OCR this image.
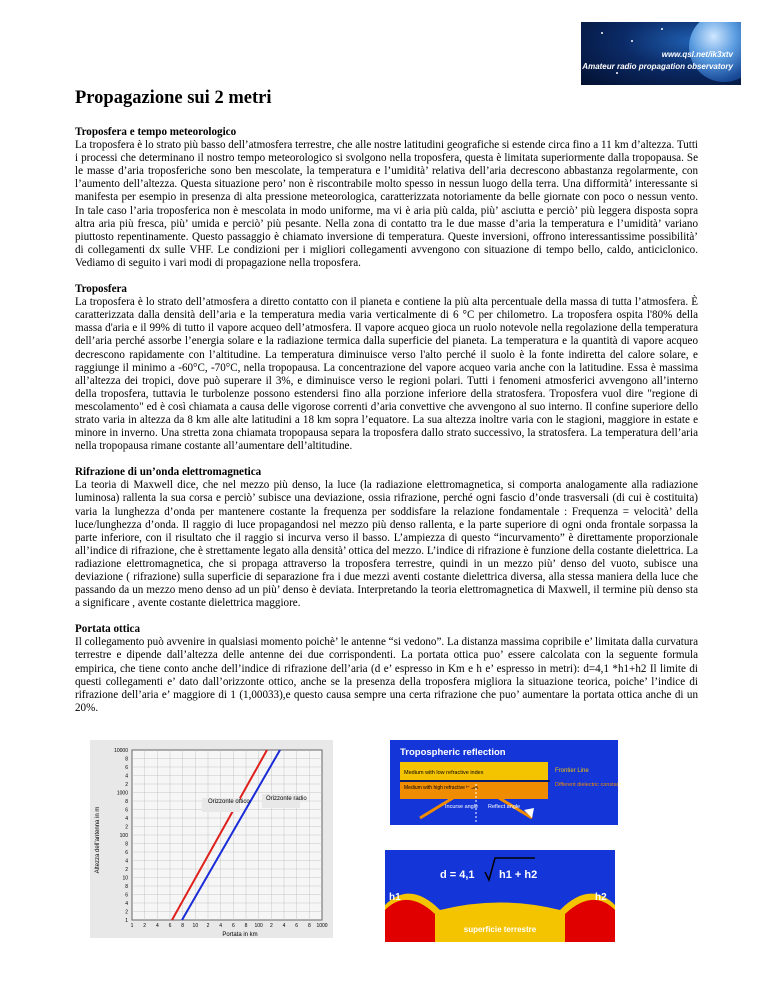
www.qsl.net/ik3xtv
Amateur radio propagation observatory
Propagazione sui 2 metri
Troposfera e tempo meteorologico

La troposfera è lo strato più basso dell’atmosfera terrestre, che alle nostre latitudini geografiche si estende circa fino a 11 km d’altezza. Tutti i processi che determinano il nostro tempo meteorologico si svolgono nella troposfera, questa è limitata superiormente dalla tropopausa. Se le masse d’aria troposferiche sono ben mescolate, la temperatura e l’umidità’ relativa dell’aria decrescono abbastanza regolarmente, con l’aumento dell’altezza. Questa situazione pero’ non è riscontrabile molto spesso in nessun luogo della terra. Una difformità’ interessante si manifesta per esempio in presenza di alta pressione meteorologica, caratterizzata notoriamente da belle giornate con poco o nessun vento. In tale caso l’aria troposferica non è mescolata in modo uniforme, ma vi è aria più calda, più’ asciutta e perciò’ più leggera disposta sopra altra aria più fresca, più’ umida e perciò’ più pesante. Nella zona di contatto tra le due masse d’aria la temperatura e l’umidità’ variano piuttosto repentinamente. Questo passaggio è chiamato inversione di temperatura. Queste inversioni, offrono interessantissime possibilità’ di collegamenti dx sulle VHF. Le condizioni per i migliori collegamenti avvengono con situazione di tempo bello, caldo, anticiclonico. Vediamo di seguito i vari modi di propagazione nella troposfera.

Troposfera

La troposfera è lo strato dell’atmosfera a diretto contatto con il pianeta e contiene la più alta percentuale della massa di tutta l’atmosfera. È caratterizzata dalla densità dell’aria e la temperatura media varia verticalmente di 6 °C per chilometro. La troposfera ospita l'80% della massa d'aria e il 99% di tutto il vapore acqueo dell’atmosfera. Il vapore acqueo gioca un ruolo notevole nella regolazione della temperatura dell’aria perché assorbe l’energia solare e la radiazione termica dalla superficie del pianeta. La temperatura e la quantità di vapore acqueo decrescono rapidamente con l’altitudine. La temperatura diminuisce verso l'alto perché il suolo è la fonte indiretta del calore solare, e raggiunge il minimo a -60°C, -70°C, nella tropopausa. La concentrazione del vapore acqueo varia anche con la latitudine. Essa è massima all’altezza dei tropici, dove può superare il 3%, e diminuisce verso le regioni polari. Tutti i fenomeni atmosferici avvengono all’interno della troposfera, tuttavia le turbolenze possono estendersi fino alla porzione inferiore della stratosfera. Troposfera vuol dire "regione di mescolamento" ed è così chiamata a causa delle vigorose correnti d’aria convettive che avvengono al suo interno. Il confine superiore dello strato varia in altezza da 8 km alle alte latitudini a 18 km sopra l’equatore. La sua altezza inoltre varia con le stagioni, maggiore in estate e minore in inverno. Una stretta zona chiamata tropopausa separa la troposfera dallo strato successivo, la stratosfera. La temperatura dell’aria nella tropopausa rimane costante all’aumentare dell’altitudine.

Rifrazione di un’onda elettromagnetica

La teoria di Maxwell dice, che nel mezzo più denso, la luce (la radiazione elettromagnetica, si comporta analogamente alla radiazione luminosa) rallenta la sua corsa e perciò’ subisce una deviazione, ossia rifrazione, perché ogni fascio d’onde trasversali (di cui è costituita) varia la lunghezza d’onda per mantenere costante la frequenza per soddisfare la relazione fondamentale : Frequenza = velocità’ della luce/lunghezza d’onda. Il raggio di luce propagandosi nel mezzo più denso rallenta, e la parte superiore di ogni onda frontale sorpassa la parte inferiore, con il risultato che il raggio si incurva verso il basso. L’ampiezza di questo “incurvamento” è direttamente proporzionale all’indice di rifrazione, che è strettamente legato alla densità’ ottica del mezzo. L’indice di rifrazione è funzione della costante dielettrica. La radiazione elettromagnetica, che si propaga attraverso la troposfera terrestre, quindi in un mezzo più’ denso del vuoto, subisce una deviazione ( rifrazione) sulla superficie di separazione fra i due mezzi aventi costante dielettrica diversa, alla stessa maniera della luce che passando da un mezzo meno denso ad un più’ denso è deviata. Interpretando la teoria elettromagnetica di Maxwell, il termine più denso sta a significare , avente costante dielettrica maggiore.

Portata ottica

Il collegamento può avvenire in qualsiasi momento poichè’ le antenne “si vedono”. La distanza massima copribile e’ limitata dalla curvatura terrestre e dipende dall’altezza delle antenne dei due corrispondenti. La portata ottica puo’ essere calcolata con la seguente formula empirica, che tiene conto anche dell’indice di rifrazione dell’aria (d e’ espresso in Km e h e’ espresso in metri): d=4,1 *h1+h2 Il limite di questi collegamenti e’ dato dall’orizzonte ottico, anche se la presenza della troposfera migliora la situazione teorica, poiche’ l’indice di rifrazione dell’aria e’ maggiore di 1 (1,00033),e questo causa sempre una certa rifrazione che puo’ aumentare la portata ottica anche di un 20%.

Altezza dell’antenna in m
Portata in km
10000
8
6
4
2
1000
8
6
4
2
100
8
6
4
2
10
8
6
4
2
1
1 2 4 6 8 10 2 4 6 8 100 2 4 6 8 1000
Orizzonte ottico	Orizzonte radio
Tropospheric reflection
Medium with low refractive index
Medium with high refractive index
Frontier Line
Different dielectric constant
Incurse angle Reflect angle
d = 4,1 h1 + h2
h1	h2
superficie terrestre
